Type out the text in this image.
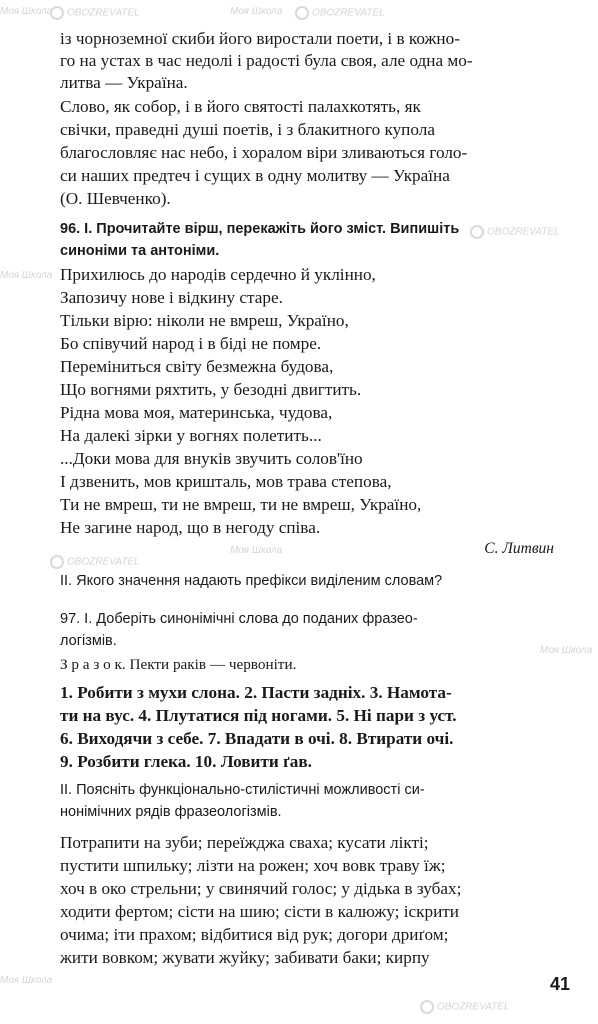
Моя Школа	OBOZREVATEL	Моя Школа	OBOZREVATEL
Моя Школа
OBOZREVATEL
Моя Школа
OBOZREVATEL
Моя Школа
Моя Школа
OBOZREVATEL
із чорноземної скиби його виростали поети, і в кожно-
го на устах в час недолі і радості була своя, але одна мо-
литва — Україна.
Слово, як собор, і в його святості палахкотять, як
свічки, праведні душі поетів, і з блакитного купола
благословляє нас небо, і хоралом віри зливаються голо-
си наших предтеч і сущих в одну молитву — Україна
(О. Шевченко).
96. I. Прочитайте вірш, перекажіть його зміст. Випишіть
синоніми та антоніми.
Прихилюсь до народів сердечно й уклінно,
Запозичу нове і відкину старе.
Тільки вірю: ніколи не вмреш, Україно,
Бо співучий народ і в біді не помре.
Переміниться світу безмежна будова,
Що вогнями ряхтить, у безодні двигтить.
Рідна мова моя, материнська, чудова,
На далекі зірки у вогнях полетить...
...Доки мова для внуків звучить солов'їно
І дзвенить, мов кришталь, мов трава степова,
Ти не вмреш, ти не вмреш, ти не вмреш, Україно,
Не загине народ, що в негоду співа.
С. Литвин
II. Якого значення надають префікси виділеним словам?
97. I. Доберіть синонімічні слова до поданих фразео-
логізмів.
З р а з о к. Пекти раків — червоніти.
1. Робити з мухи слона. 2. Пасти задніх. 3. Намота-
ти на вус. 4. Плутатися під ногами. 5. Ні пари з уст.
6. Виходячи з себе. 7. Впадати в очі. 8. Втирати очі.
9. Розбити глека. 10. Ловити ґав.
II. Поясніть функціонально-стилістичні можливості си-
нонімічних рядів фразеологізмів.
Потрапити на зуби; переїжджа сваха; кусати лікті;
пустити шпильку; лізти на рожен; хоч вовк траву їж;
хоч в око стрельни; у свинячий голос; у дідька в зубах;
ходити фертом; сісти на шию; сісти в калюжу; іскрити
очима; іти прахом; відбитися від рук; догори дриґом;
жити вовком; жувати жуйку; забивати баки; кирпу
41
